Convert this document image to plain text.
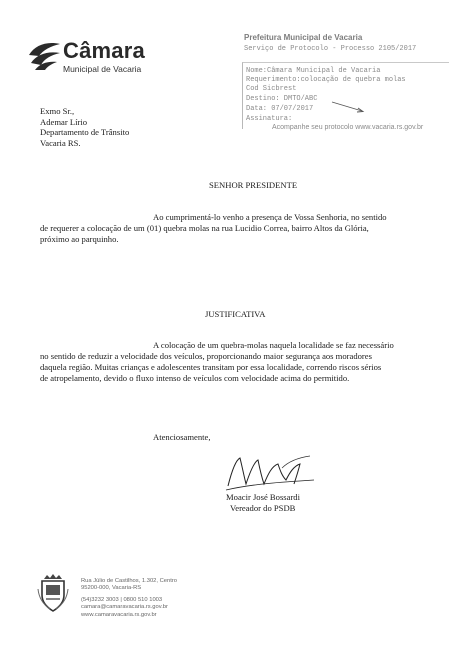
Câmara
Municipal de Vacaria
Prefeitura Municipal de Vacaria
Serviço de Protocolo - Processo 2105/2017
Nome:Câmara Municipal de Vacaria
Requerimento:colocação de quebra molas
Cod Sicbrest
Destino: DMTO/ABC
Data: 07/07/2017
Assinatura:
Acompanhe seu protocolo www.vacaria.rs.gov.br
Exmo Sr.,
Ademar Lírio
Departamento de Trânsito
Vacaria RS.
SENHOR PRESIDENTE
Ao cumprimentá-lo venho a presença de Vossa Senhoria, no sentido
de requerer a colocação de um (01) quebra molas na rua Lucidio Correa, bairro Altos da Glória,
próximo ao parquinho.
JUSTIFICATIVA
A colocação de um quebra-molas naquela localidade se faz necessário
no sentido de reduzir a velocidade dos veículos, proporcionando maior segurança aos moradores
daquela região. Muitas crianças e adolescentes transitam por essa localidade, correndo riscos sérios
de atropelamento, devido o fluxo intenso de veículos com velocidade acima do permitido.
Atenciosamente,
Moacir José Bossardi
Vereador do PSDB
Rua Júlio de Castilhos, 1.302, Centro
95200-000, Vacaria-RS
(54)3232 3003 | 0800 510 1003
camara@camaravacaria.rs.gov.br
www.camaravacaria.rs.gov.br
